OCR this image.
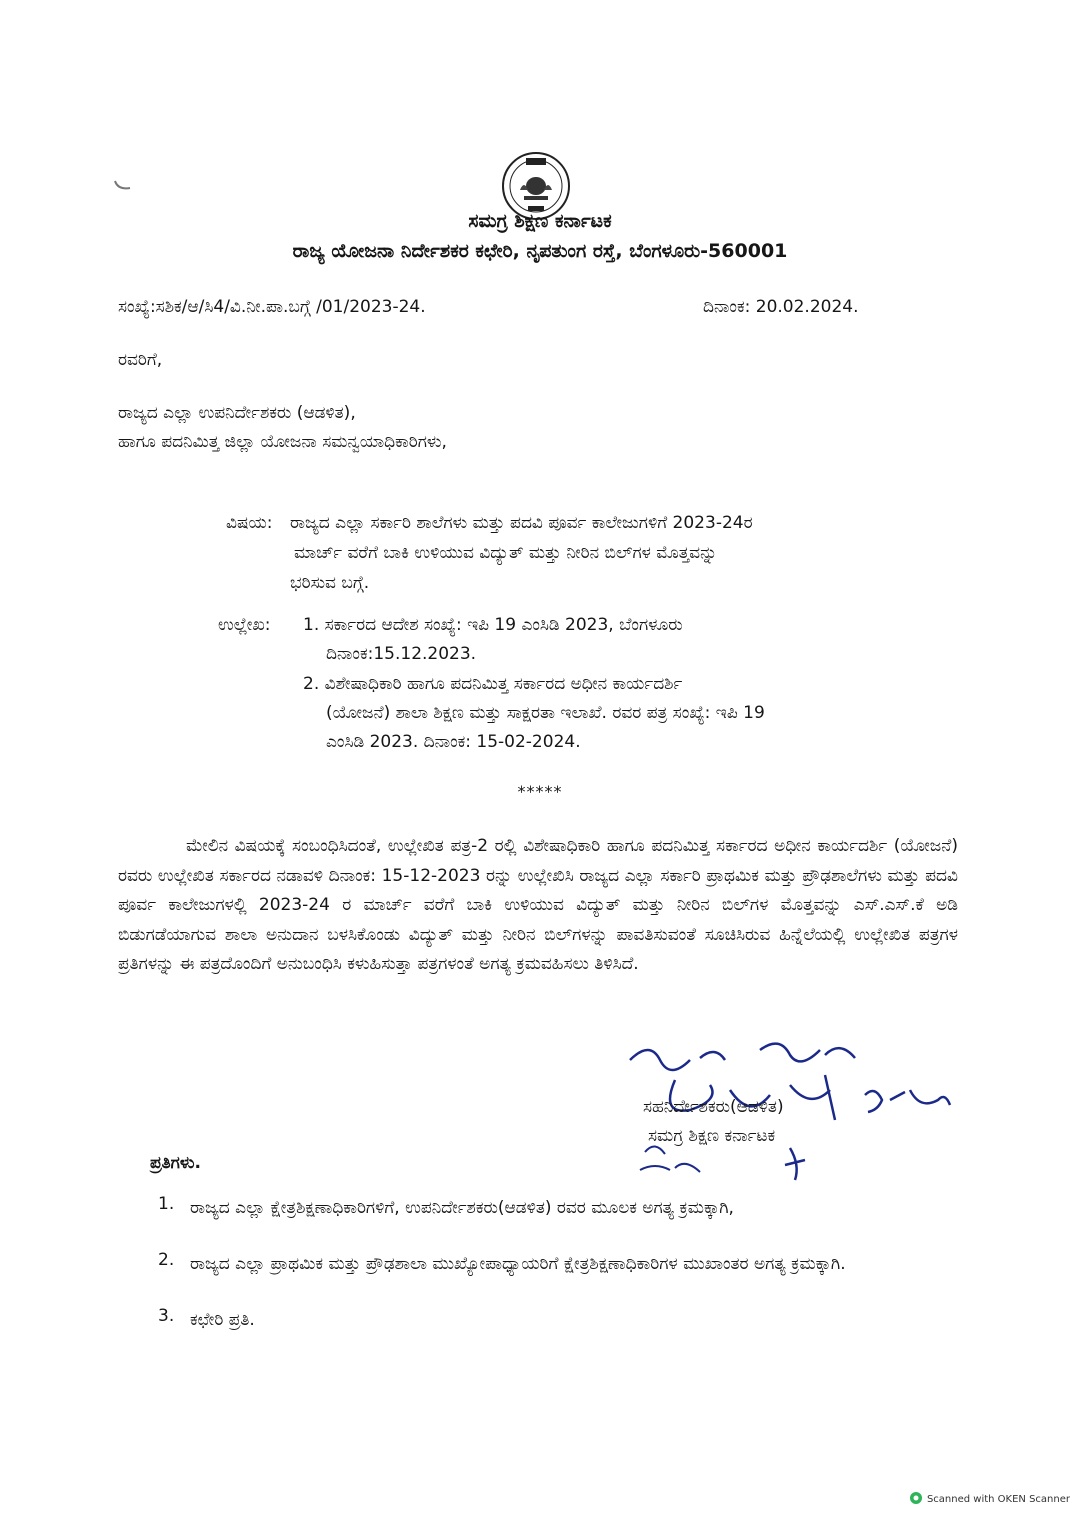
ಸಮಗ್ರ ಶಿಕ್ಷಣ ಕರ್ನಾಟಕ
ರಾಜ್ಯ ಯೋಜನಾ ನಿರ್ದೇಶಕರ ಕಛೇರಿ, ನೃಪತುಂಗ ರಸ್ತೆ, ಬೆಂಗಳೂರು-560001
ಸಂಖ್ಯೆ:ಸಶಿಕ/ಆ/ಸಿ4/ವಿ.ನೀ.ಪಾ.ಬಗ್ಗೆ /01/2023-24.	ದಿನಾಂಕ: 20.02.2024.
ರವರಿಗೆ,
ರಾಜ್ಯದ ಎಲ್ಲಾ ಉಪನಿರ್ದೇಶಕರು (ಆಡಳಿತ),
ಹಾಗೂ ಪದನಿಮಿತ್ತ ಜಿಲ್ಲಾ ಯೋಜನಾ ಸಮನ್ವಯಾಧಿಕಾರಿಗಳು,
ವಿಷಯ: ರಾಜ್ಯದ ಎಲ್ಲಾ ಸರ್ಕಾರಿ ಶಾಲೆಗಳು ಮತ್ತು ಪದವಿ ಪೂರ್ವ ಕಾಲೇಜುಗಳಿಗೆ 2023-24ರ
ಮಾರ್ಚ್ ವರೆಗೆ ಬಾಕಿ ಉಳಿಯುವ ವಿದ್ಯುತ್ ಮತ್ತು ನೀರಿನ ಬಿಲ್‌ಗಳ ಮೊತ್ತವನ್ನು
ಭರಿಸುವ ಬಗ್ಗೆ.
ಉಲ್ಲೇಖ: 1. ಸರ್ಕಾರದ ಆದೇಶ ಸಂಖ್ಯೆ: ಇಪಿ 19 ಎಂಸಿಡಿ 2023, ಬೆಂಗಳೂರು
ದಿನಾಂಕ:15.12.2023.
2. ವಿಶೇಷಾಧಿಕಾರಿ ಹಾಗೂ ಪದನಿಮಿತ್ತ ಸರ್ಕಾರದ ಅಧೀನ ಕಾರ್ಯದರ್ಶಿ
(ಯೋಜನೆ) ಶಾಲಾ ಶಿಕ್ಷಣ ಮತ್ತು ಸಾಕ್ಷರತಾ ಇಲಾಖೆ. ರವರ ಪತ್ರ ಸಂಖ್ಯೆ: ಇಪಿ 19
ಎಂಸಿಡಿ 2023. ದಿನಾಂಕ: 15-02-2024.
*****
ಮೇಲಿನ ವಿಷಯಕ್ಕೆ ಸಂಬಂಧಿಸಿದಂತೆ, ಉಲ್ಲೇಖಿತ ಪತ್ರ-2 ರಲ್ಲಿ ವಿಶೇಷಾಧಿಕಾರಿ ಹಾಗೂ ಪದನಿಮಿತ್ತ ಸರ್ಕಾರದ ಅಧೀನ ಕಾರ್ಯದರ್ಶಿ (ಯೋಜನೆ) ರವರು ಉಲ್ಲೇಖಿತ ಸರ್ಕಾರದ ನಡಾವಳಿ ದಿನಾಂಕ: 15-12-2023 ರನ್ನು ಉಲ್ಲೇಖಿಸಿ ರಾಜ್ಯದ ಎಲ್ಲಾ ಸರ್ಕಾರಿ ಪ್ರಾಥಮಿಕ ಮತ್ತು ಪ್ರೌಢಶಾಲೆಗಳು ಮತ್ತು ಪದವಿ ಪೂರ್ವ ಕಾಲೇಜುಗಳಲ್ಲಿ 2023-24 ರ ಮಾರ್ಚ್ ವರೆಗೆ ಬಾಕಿ ಉಳಿಯುವ ವಿದ್ಯುತ್ ಮತ್ತು ನೀರಿನ ಬಿಲ್‌ಗಳ ಮೊತ್ತವನ್ನು ಎಸ್.ಎಸ್.ಕೆ ಅಡಿ ಬಿಡುಗಡೆಯಾಗುವ ಶಾಲಾ ಅನುದಾನ ಬಳಸಿಕೊಂಡು ವಿದ್ಯುತ್ ಮತ್ತು ನೀರಿನ ಬಿಲ್‌ಗಳನ್ನು ಪಾವತಿಸುವಂತೆ ಸೂಚಿಸಿರುವ ಹಿನ್ನೆಲೆಯಲ್ಲಿ ಉಲ್ಲೇಖಿತ ಪತ್ರಗಳ ಪ್ರತಿಗಳನ್ನು ಈ ಪತ್ರದೊಂದಿಗೆ ಅನುಬಂಧಿಸಿ ಕಳುಹಿಸುತ್ತಾ ಪತ್ರಗಳಂತೆ ಅಗತ್ಯ ಕ್ರಮವಹಿಸಲು ತಿಳಿಸಿದೆ.
ಸಹನಿರ್ದೇಶಕರು(ಆಡಳಿತ)
ಸಮಗ್ರ ಶಿಕ್ಷಣ ಕರ್ನಾಟಕ
ಪ್ರತಿಗಳು.
1. ರಾಜ್ಯದ ಎಲ್ಲಾ ಕ್ಷೇತ್ರಶಿಕ್ಷಣಾಧಿಕಾರಿಗಳಿಗೆ, ಉಪನಿರ್ದೇಶಕರು(ಆಡಳಿತ) ರವರ ಮೂಲಕ ಅಗತ್ಯ ಕ್ರಮಕ್ಕಾಗಿ,
2. ರಾಜ್ಯದ ಎಲ್ಲಾ ಪ್ರಾಥಮಿಕ ಮತ್ತು ಪ್ರೌಢಶಾಲಾ ಮುಖ್ಯೋಪಾಧ್ಯಾಯರಿಗೆ ಕ್ಷೇತ್ರಶಿಕ್ಷಣಾಧಿಕಾರಿಗಳ ಮುಖಾಂತರ ಅಗತ್ಯ ಕ್ರಮಕ್ಕಾಗಿ.
3. ಕಛೇರಿ ಪ್ರತಿ.
Scanned with OKEN Scanner
